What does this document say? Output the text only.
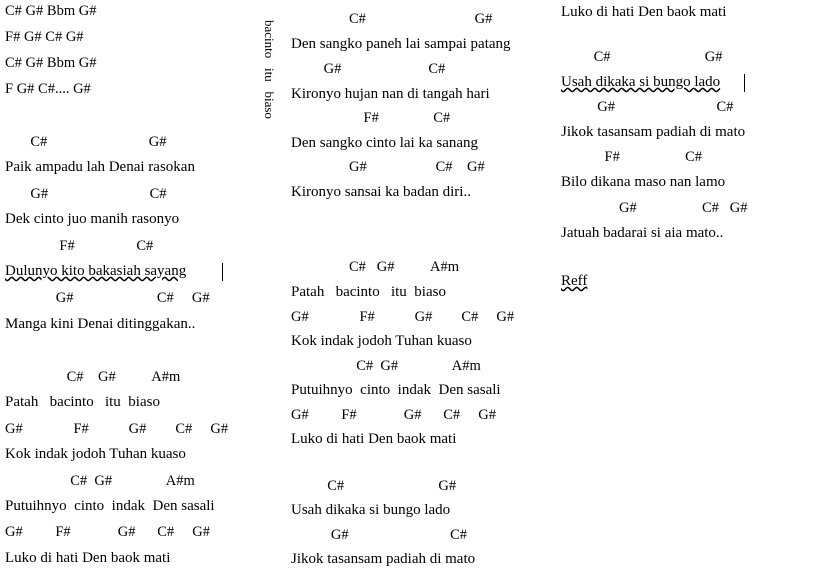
C# G# Bbm G#
F# G# C# G#
C# G# Bbm G#
F G# C#.... G#
C#                            G#
Paik ampadu lah Denai rasokan
G#                            C#
Dek cinto juo manih rasonyo
F#                 C#
Dulunyo kito bakasiah sayang
G#                       C#     G#
Manga kini Denai ditinggakan..
C#    G#          A#m
Patah   bacinto   itu  biaso
G#              F#           G#        C#     G#
Kok indak jodoh Tuhan kuaso
C#  G#               A#m
Putuihnyo  cinto  indak  Den sasali
G#         F#             G#      C#     G#
Luko di hati Den baok mati
bacinto   itu   biaso
C#                              G#
Den sangko paneh lai sampai patang
G#                        C#
Kironyo hujan nan di tangah hari
F#               C#
Den sangko cinto lai ka sanang
G#                   C#    G#
Kironyo sansai ka badan diri..
C#   G#          A#m
Patah   bacinto   itu  biaso
G#              F#           G#        C#     G#
Kok indak jodoh Tuhan kuaso
C#  G#               A#m
Putuihnyo  cinto  indak  Den sasali
G#         F#             G#      C#     G#
Luko di hati Den baok mati
C#                          G#
Usah dikaka si bungo lado
G#                            C#
Jikok tasansam padiah di mato
Luko di hati Den baok mati
C#                          G#
Usah dikaka si bungo lado
G#                            C#
Jikok tasansam padiah di mato
F#                  C#
Bilo dikana maso nan lamo
G#                  C#   G#
Jatuah badarai si aia mato..
Reff
